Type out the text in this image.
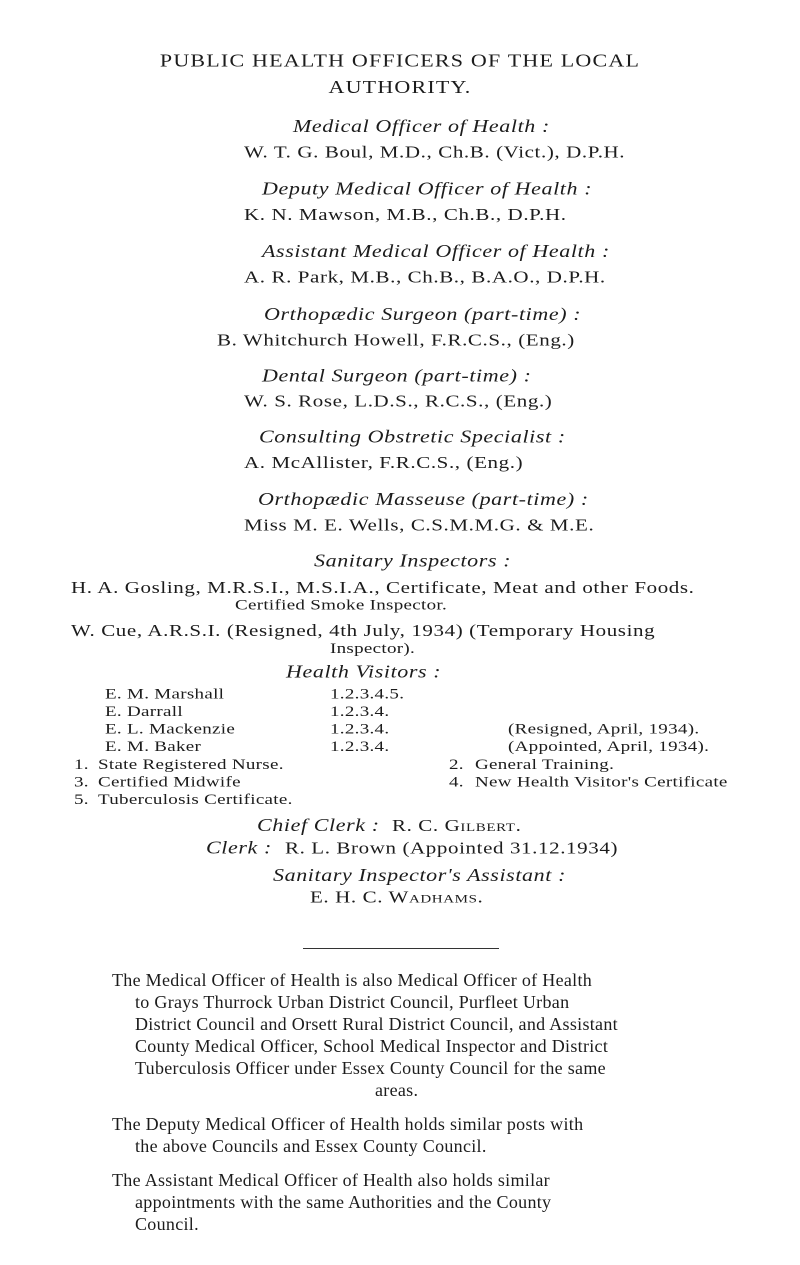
PUBLIC HEALTH OFFICERS OF THE LOCAL
AUTHORITY.
Medical Officer of Health :
W. T. G. Boul, M.D., Ch.B. (Vict.), D.P.H.
Deputy Medical Officer of Health :
K. N. Mawson, M.B., Ch.B., D.P.H.
Assistant Medical Officer of Health :
A. R. Park, M.B., Ch.B., B.A.O., D.P.H.
Orthopædic Surgeon (part-time) :
B. Whitchurch Howell, F.R.C.S., (Eng.)
Dental Surgeon (part-time) :
W. S. Rose, L.D.S., R.C.S., (Eng.)
Consulting Obstretic Specialist :
A. McAllister, F.R.C.S., (Eng.)
Orthopædic Masseuse (part-time) :
Miss M. E. Wells, C.S.M.M.G. & M.E.
Sanitary Inspectors :
H. A. Gosling, M.R.S.I., M.S.I.A., Certificate, Meat and other Foods.
Certified Smoke Inspector.
W. Cue, A.R.S.I. (Resigned, 4th July, 1934) (Temporary Housing
Inspector).
Health Visitors :
E. M. Marshall	1.2.3.4.5.
E. Darrall	1.2.3.4.
E. L. Mackenzie	1.2.3.4.	(Resigned, April, 1934).
E. M. Baker	1.2.3.4.	(Appointed, April, 1934).
1. State Registered Nurse.	2. General Training.
3. Certified Midwife	4. New Health Visitor's Certificate
5. Tuberculosis Certificate.
Chief Clerk : R. C. Gilbert.
Clerk : R. L. Brown (Appointed 31.12.1934)
Sanitary Inspector's Assistant :
E. H. C. Wadhams.
The Medical Officer of Health is also Medical Officer of Health
to Grays Thurrock Urban District Council, Purfleet Urban
District Council and Orsett Rural District Council, and Assistant
County Medical Officer, School Medical Inspector and District
Tuberculosis Officer under Essex County Council for the same
areas.
The Deputy Medical Officer of Health holds similar posts with
the above Councils and Essex County Council.
The Assistant Medical Officer of Health also holds similar
appointments with the same Authorities and the County
Council.
